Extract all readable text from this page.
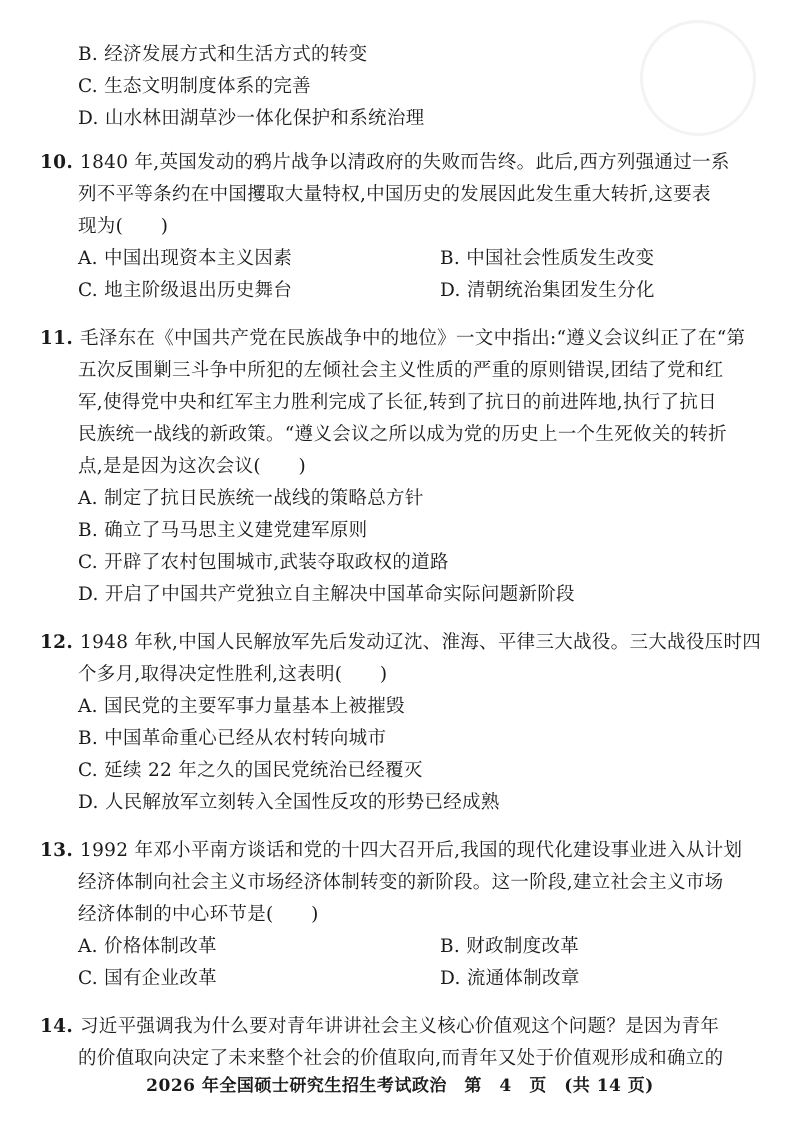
B. 经济发展方式和生活方式的转变
C. 生态文明制度体系的完善
D. 山水林田湖草沙一体化保护和系统治理
10. 1840 年,英国发动的鸦片战争以清政府的失败而告终。此后,西方列强通过一系
列不平等条约在中国攫取大量特权,中国历史的发展因此发生重大转折,这要表
现为(　　)
A. 中国出现资本主义因素	B. 中国社会性质发生改变
C. 地主阶级退出历史舞台	D. 清朝统治集团发生分化
11. 毛泽东在《中国共产党在民族战争中的地位》一文中指出:“遵义会议纠正了在“第
五次反围剿三斗争中所犯的左倾社会主义性质的严重的原则错误,团结了党和红
军,使得党中央和红军主力胜利完成了长征,转到了抗日的前进阵地,执行了抗日
民族统一战线的新政策。“遵义会议之所以成为党的历史上一个生死攸关的转折
点,是是因为这次会议(　　)
A. 制定了抗日民族统一战线的策略总方针
B. 确立了马马思主义建党建军原则
C. 开辟了农村包围城市,武装夺取政权的道路
D. 开启了中国共产党独立自主解决中国革命实际问题新阶段
12. 1948 年秋,中国人民解放军先后发动辽沈、淮海、平律三大战役。三大战役压时四
个多月,取得决定性胜利,这表明(　　)
A. 国民党的主要军事力量基本上被摧毁
B. 中国革命重心已经从农村转向城市
C. 延续 22 年之久的国民党统治已经覆灭
D. 人民解放军立刻转入全国性反攻的形势已经成熟
13. 1992 年邓小平南方谈话和党的十四大召开后,我国的现代化建设事业进入从计划
经济体制向社会主义市场经济体制转变的新阶段。这一阶段,建立社会主义市场
经济体制的中心环节是(　　)
A. 价格体制改革	B. 财政制度改革
C. 国有企业改革	D. 流通体制改章
14. 习近平强调我为什么要对青年讲讲社会主义核心价值观这个问题？是因为青年
的价值取向决定了未来整个社会的价值取向,而青年又处于价值观形成和确立的
2026 年全国硕士研究生招生考试政治　第　4　页　(共 14 页)
